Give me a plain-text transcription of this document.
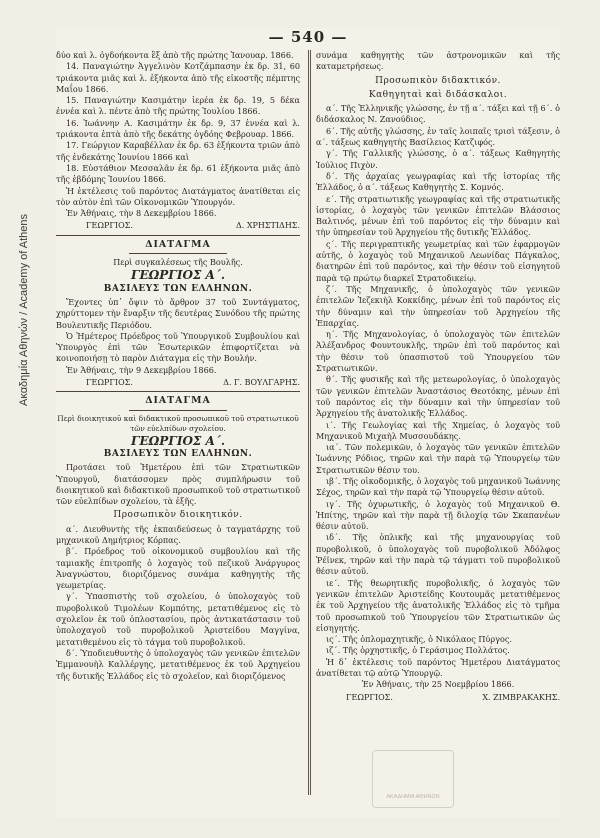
Ακαδημία Αθηνών / Academy of Athens
— 540 —

δύο καὶ λ. ὀγδοήκοντα ἓξ ἀπὸ τῆς πρώτης Ἰανουαρ. 1866.

14. Παναγιώτην Ἀγγελινὸν Κοτζάμπασην ἐκ δρ. 31, 60 τριάκοντα μιᾶς καὶ λ. ἑξήκοντα ἀπὸ τῆς εἰκοστῆς πέμπτης Μαΐου 1866.

15. Παναγιώτην Κασιμάτην ἱερέα ἐκ δρ. 19, 5 δέκα ἐννέα καὶ λ. πέντε ἀπὸ τῆς πρώτης Ἰουλίου 1866.

16. Ἰωάννην Α. Κασιμάτην ἐκ δρ. 9, 37 ἐννέα καὶ λ. τριάκοντα ἑπτὰ ἀπὸ τῆς δεκάτης ὀγδόης Φεβρουαρ. 1866.

17. Γεώργιον Καραβέλλαν ἐκ δρ. 63 ἑξήκοντα τριῶν ἀπὸ τῆς ἐνδεκάτης Ἰουνίου 1866 καὶ

18. Εὐστάθιον Μεσσαλᾶν ἐκ δρ. 61 ἑξήκοντα μιᾶς ἀπὸ τῆς ἑβδόμης Ἰουνίου 1866.

Ἡ ἐκτέλεσις τοῦ παρόντος Διατάγματος ἀνατίθεται εἰς τὸν αὐτὸν ἐπὶ τῶν Οἰκονομικῶν Ὑπουργόν.

Ἐν Ἀθήναις, τὴν 8 Δεκεμβρίου 1866.

ΓΕΩΡΓΙΟΣ.	Δ. ΧΡΗΣΤΙΔΗΣ.
ΔΙΑΤΑΓΜΑ

Περὶ συγκαλέσεως τῆς Βουλῆς.

ΓΕΩΡΓΙΟΣ Α΄.
ΒΑΣΙΛΕΥΣ ΤΩΝ ΕΛΛΗΝΩΝ.

Ἔχοντες ὑπ᾽ ὄψιν τὸ ἄρθρον 37 τοῦ Συντάγματος, χηρύττομεν τὴν ἔναρξιν τῆς δευτέρας Συνόδου τῆς πρώτης Βουλευτικῆς Περιόδου.

Ὁ Ἡμέτερος Πρόεδρος τοῦ Ὑπουργικοῦ Συμβουλίου καὶ Ὑπουργὸς ἐπὶ τῶν Ἐσωτερικῶν ἐπιφορτίζεται νὰ κοινοποιήσῃ τὸ παρὸν Διάταγμα εἰς τὴν Βουλήν.

Ἐν Ἀθήναις, τὴν 9 Δεκεμβρίου 1866.

ΓΕΩΡΓΙΟΣ.	Δ. Γ. ΒΟΥΛΓΑΡΗΣ.
ΔΙΑΤΑΓΜΑ

Περὶ διοικητικοῦ καὶ διδακτικοῦ προσωπικοῦ τοῦ στρατιωτικοῦ τῶν εὐελπίδων σχολείου.

ΓΕΩΡΓΙΟΣ Α΄.
ΒΑΣΙΛΕΥΣ ΤΩΝ ΕΛΛΗΝΩΝ.

Προτάσει τοῦ Ἡμετέρου ἐπὶ τῶν Στρατιωτικῶν Ὑπουργοῦ, διατάσσομεν πρὸς συμπλήρωσιν τοῦ διοικητικοῦ καὶ διδακτικοῦ προσωπικοῦ τοῦ στρατιωτικοῦ τῶν εὐελπίδων σχολείου, τὰ ἑξῆς.

Προσωπικὸν διοικητικόν.

α΄. Διευθυντὴς τῆς ἐκπαιδεύσεως ὁ ταγματάρχης τοῦ μηχανικοῦ Δημήτριος Κόρπας.

β΄. Πρόεδρος τοῦ οἰκονομικοῦ συμβουλίου καὶ τῆς ταμιακῆς ἐπιτροπῆς ὁ λοχαγὸς τοῦ πεζικοῦ Ἀνάργυρος Ἀναγνώστου, διοριζόμενος συνάμα καθηγητὴς τῆς γεωμετρίας.

γ΄. Ὑπασπιστὴς τοῦ σχολείου, ὁ ὑπολοχαγὸς τοῦ πυροβολικοῦ Τιμολέων Κομπότης, μετατιθέμενος εἰς τὸ σχολεῖον ἐκ τοῦ ὁπλοστασίου, πρὸς ἀντικατάστασιν τοῦ ὑπολοχαγοῦ τοῦ πυροβολικοῦ Ἀριστείδου Μαγγίνα, μετατιθεμένου εἰς τὸ τάγμα τοῦ πυροβολικοῦ.

δ΄. Ὑποδιευθυντὴς ὁ ὑπολοχαγὸς τῶν γενικῶν ἐπιτελῶν Ἐμμανουὴλ Καλλέργης, μετατιθέμενος ἐκ τοῦ Ἀρχηγείου τῆς δυτικῆς Ἑλλάδος εἰς τὸ σχολεῖον, καὶ διοριζόμενος

συνάμα καθηγητὴς τῶν ἀστρονομικῶν καὶ τῆς καταμετρήσεως.

Προσωπικὸν διδακτικόν.
Καθηγηταὶ καὶ διδάσκαλοι.

α΄. Τῆς Ἑλληνικῆς γλώσσης, ἐν τῇ α΄. τάξει καὶ τῇ 6΄. ὁ διδάσκαλος Ν. Ζανούδιος.

6΄. Τῆς αὐτῆς γλώσσης, ἐν ταῖς λοιπαῖς τρισὶ τάξεσιν, ὁ α΄. τάξεως καθηγητὴς Βασίλειος Κατζιφός.

γ΄. Τῆς Γαλλικῆς γλώσσης, ὁ α΄. τάξεως Καθηγητὴς Ἰούλιος Πιχὸν.

δ΄. Τῆς ἀρχαίας γεωγραφίας καὶ τῆς ἱστορίας τῆς Ἑλλάδος, ὁ α΄. τάξεως Καθηγητὴς Σ. Κομνός.

ε΄. Τῆς στρατιωτικῆς γεωγραφίας καὶ τῆς στρατιωτικῆς ἱστορίας, ὁ λοχαγὸς τῶν γενικῶν ἐπιτελῶν Βλάσσιος Βαλτινός, μένων ἐπὶ τοῦ παρόντος εἰς τὴν δύναμιν καὶ τὴν ὑπηρεσίαν τοῦ Ἀρχηγείου τῆς δυτικῆς Ἑλλάδος.

ς΄. Τῆς περιγραπτικῆς γεωμετρίας καὶ τῶν ἐφαρμογῶν αὐτῆς, ὁ λοχαγὸς τοῦ Μηχανικοῦ Λεωνίδας Πάγκαλος, διατηρῶν ἐπὶ τοῦ παρόντος, καὶ τὴν θέσιν τοῦ εἰσηγητοῦ παρὰ τῷ πρώτῳ διαρκεῖ Στρατοδικείῳ.

ζ΄. Τῆς Μηχανικῆς, ὁ ὑπολοχαγὸς τῶν γενικῶν ἐπιτελῶν Ἰεζεκιὴλ Κοκκίδης, μένων ἐπὶ τοῦ παρόντος εἰς τὴν δύναμιν καὶ τὴν ὑπηρεσίαν τοῦ Ἀρχηγείου τῆς Ἐπαρχίας.

η΄. Τῆς Μηχανολογίας, ὁ ὑπολοχαγὸς τῶν ἐπιτελῶν Ἀλέξανδρος Φουντουκλῆς, τηρῶν ἐπὶ τοῦ παρόντος καὶ τὴν θέσιν τοῦ ὑπασπιστοῦ τοῦ Ὑπουργείου τῶν Στρατιωτικῶν.

θ΄. Τῆς φυσικῆς καὶ τῆς μετεωρολογίας, ὁ ὑπολοχαγὸς τῶν γενικῶν ἐπιτελῶν Ἀναστάσιος Θεοτόκης, μένων ἐπὶ τοῦ παρόντος εἰς τὴν δύναμιν καὶ τὴν ὑπηρεσίαν τοῦ Ἀρχηγείου τῆς ἀνατολικῆς Ἑλλάδος.

ι΄. Τῆς Γεωλογίας καὶ τῆς Χημείας, ὁ λοχαγὸς τοῦ Μηχανικοῦ Μιχαὴλ Μυσσουδάκης.

ια΄. Τῶν πολεμικῶν, ὁ λοχαγὸς τῶν γενικῶν ἐπιτελῶν Ἰωάννης Ρόδιος, τηρῶν καὶ τὴν παρὰ τῷ Ὑπουργείῳ τῶν Στρατιωτικῶν θέσιν του.

ιβ΄. Τῆς οἰκοδομικῆς, ὁ λοχαγὸς τοῦ μηχανικοῦ Ἰωάννης Σέχος, τηρῶν καὶ τὴν παρὰ τῷ Ὑπουργείῳ θέσιν αὐτοῦ.

ιγ΄. Τῆς ὀχυρωτικῆς, ὁ λοχαγὸς τοῦ Μηχανικοῦ Θ. Ἠπίτης, τηρῶν καὶ τὴν παρὰ τῇ διλοχίᾳ τῶν Σκαπανέων θέσιν αὐτοῦ.

ιδ΄. Τῆς ὁπλικῆς καὶ τῆς μηχανουργίας τοῦ πυροβολικοῦ, ὁ ὑπολοχαγὸς τοῦ πυροβολικοῦ Ἀδόλφος Ῥέϊνεκ, τηρῶν καὶ τὴν παρὰ τῷ τάγματι τοῦ πυροβολικοῦ θέσιν αὐτοῦ.

ιε΄. Τῆς θεωρητικῆς πυροβολικῆς, ὁ λοχαγὸς τῶν γενικῶν ἐπιτελῶν Ἀριστείδης Κουτουμᾶς μετατιθέμενος ἐκ τοῦ Ἀρχηγείου τῆς ἀνατολικῆς Ἑλλάδος εἰς τὸ τμῆμα τοῦ προσωπικοῦ τοῦ Ὑπουργείου τῶν Στρατιωτικῶν ὡς εἰσηγητής.

ις΄. Τῆς ὁπλομαχητικῆς, ὁ Νικόλαος Πύργος.

ιζ΄. Τῆς ὀρχηστικῆς, ὁ Γεράσιμος Πολλάτος.

Ἡ δ᾽ ἐκτέλεσις τοῦ παρόντος Ἡμετέρου Διατάγματος ἀνατίθεται τῷ αὐτῷ Ὑπουργῷ.

Ἐν Ἀθήναις, τὴν 25 Νοεμβρίου 1866.

ΓΕΩΡΓΙΟΣ.	Χ. ΖΙΜΒΡΑΚΑΚΗΣ.
ΑΚΑΔΗΜΙΑ ΑΘΗΝΩΝ
